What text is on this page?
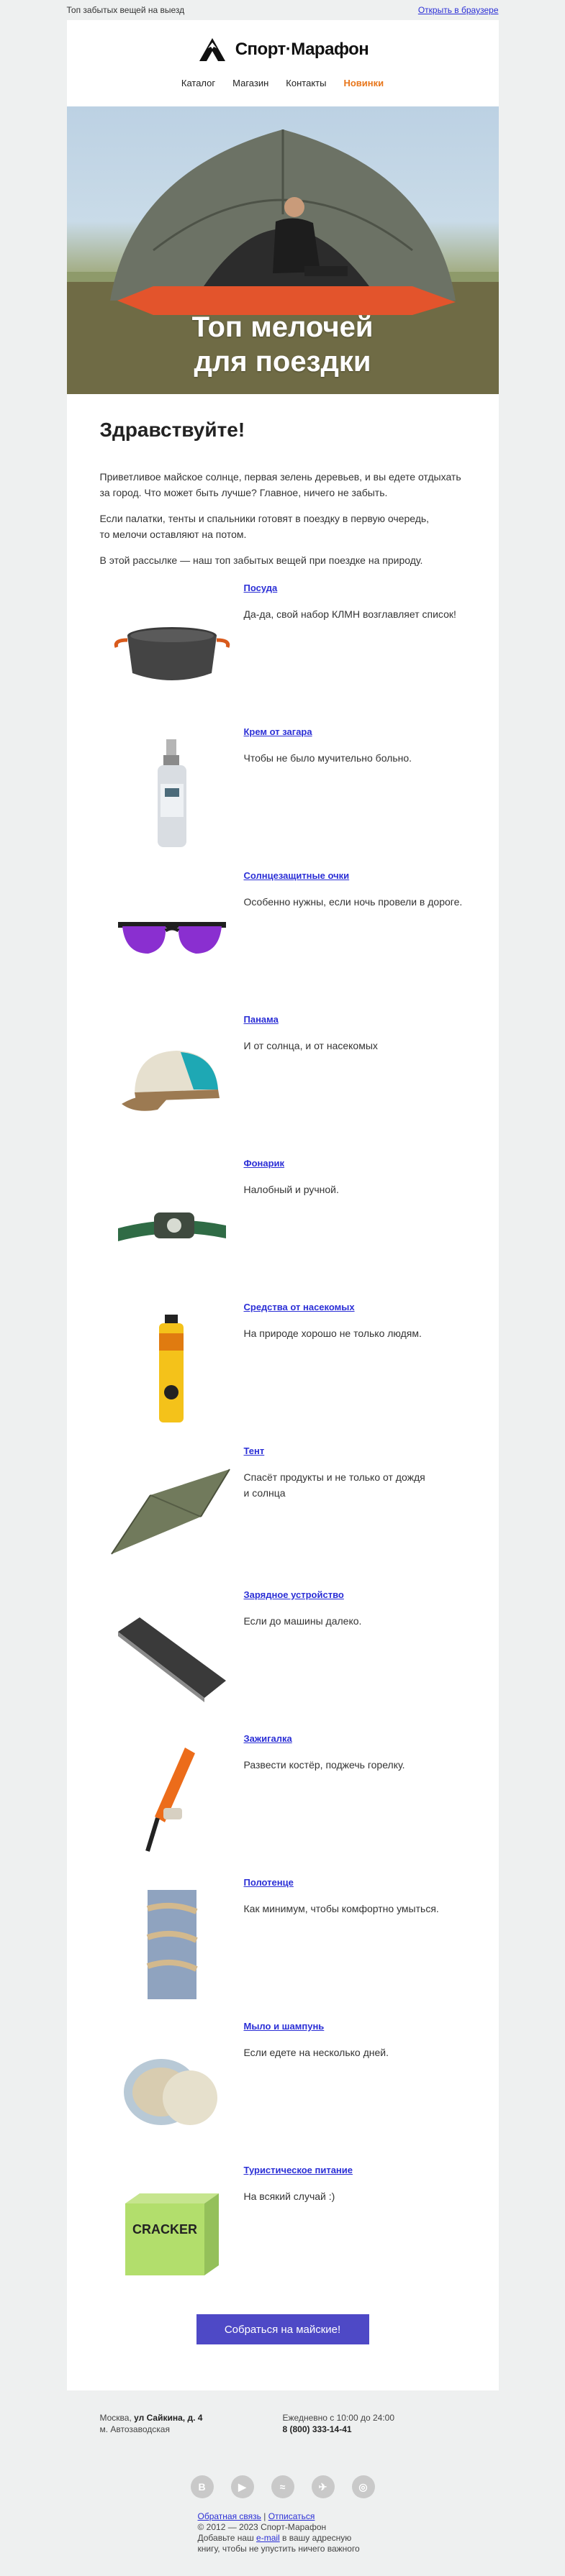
Топ забытых вещей на выезд	Открыть в браузере
Спорт·Марафон
Каталог Магазин Контакты Новинки
Топ мелочей
для поездки
Здравствуйте!
Приветливое майское солнце, первая зелень деревьев, и вы едете отдыхать за город. Что может быть лучше? Главное, ничего не забыть.
Если палатки, тенты и спальники готовят в поездку в первую очередь,
то мелочи оставляют на потом.
В этой рассылке — наш топ забытых вещей при поездке на природу.
Посуда
Да-да, свой набор КЛМН возглавляет список!
Крем от загара
Чтобы не было мучительно больно.
Солнцезащитные очки
Особенно нужны, если ночь провели в дороге.
Панама
И от солнца, и от насекомых
Фонарик
Налобный и ручной.
Средства от насекомых
На природе хорошо не только людям.
Тент
Спасёт продукты и не только от дождя и солнца
Зарядное устройство
Если до машины далеко.
Зажигалка
Развести костёр, поджечь горелку.
Полотенце
Как минимум, чтобы комфортно умыться.
Мыло и шампунь
Если едете на несколько дней.
CRACKER
Туристическое питание
На всякий случай :)
Собраться на майские!
Москва, ул Сайкина, д. 4
м. Автозаводская
Ежедневно с 10:00 до 24:00
8 (800) 333-14-41
В	▶	≈	✈	◎
Обратная связь | Отписаться
© 2012 — 2023 Спорт-Марафон
Добавьте наш e-mail в вашу адресную
книгу, чтобы не упустить ничего важного
